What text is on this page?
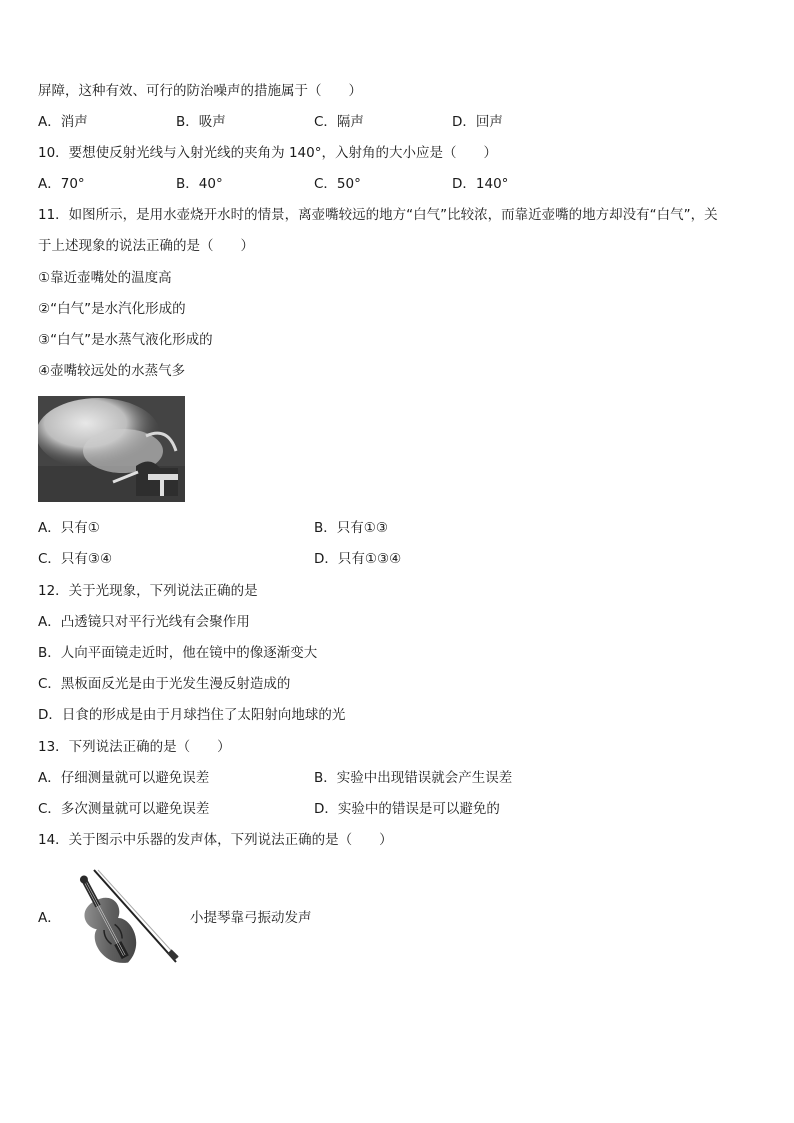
屏障，这种有效、可行的防治噪声的措施属于（　　）
A．消声	B．吸声	C．隔声	D．回声
10．要想使反射光线与入射光线的夹角为 140°，入射角的大小应是（　　）
A．70°	B．40°	C．50°	D．140°
11．如图所示，是用水壶烧开水时的情景，离壶嘴较远的地方“白气”比较浓，而靠近壶嘴的地方却没有“白气”，关
于上述现象的说法正确的是（　　）
①靠近壶嘴处的温度高
②“白气”是水汽化形成的
③“白气”是水蒸气液化形成的
④壶嘴较远处的水蒸气多
A．只有①	B．只有①③
C．只有③④	D．只有①③④
12．关于光现象，下列说法正确的是
A．凸透镜只对平行光线有会聚作用
B．人向平面镜走近时，他在镜中的像逐渐变大
C．黑板面反光是由于光发生漫反射造成的
D．日食的形成是由于月球挡住了太阳射向地球的光
13．下列说法正确的是（　　）
A．仔细测量就可以避免误差	B．实验中出现错误就会产生误差
C．多次测量就可以避免误差	D．实验中的错误是可以避免的
14．关于图示中乐器的发声体，下列说法正确的是（　　）
A．	小提琴靠弓振动发声
